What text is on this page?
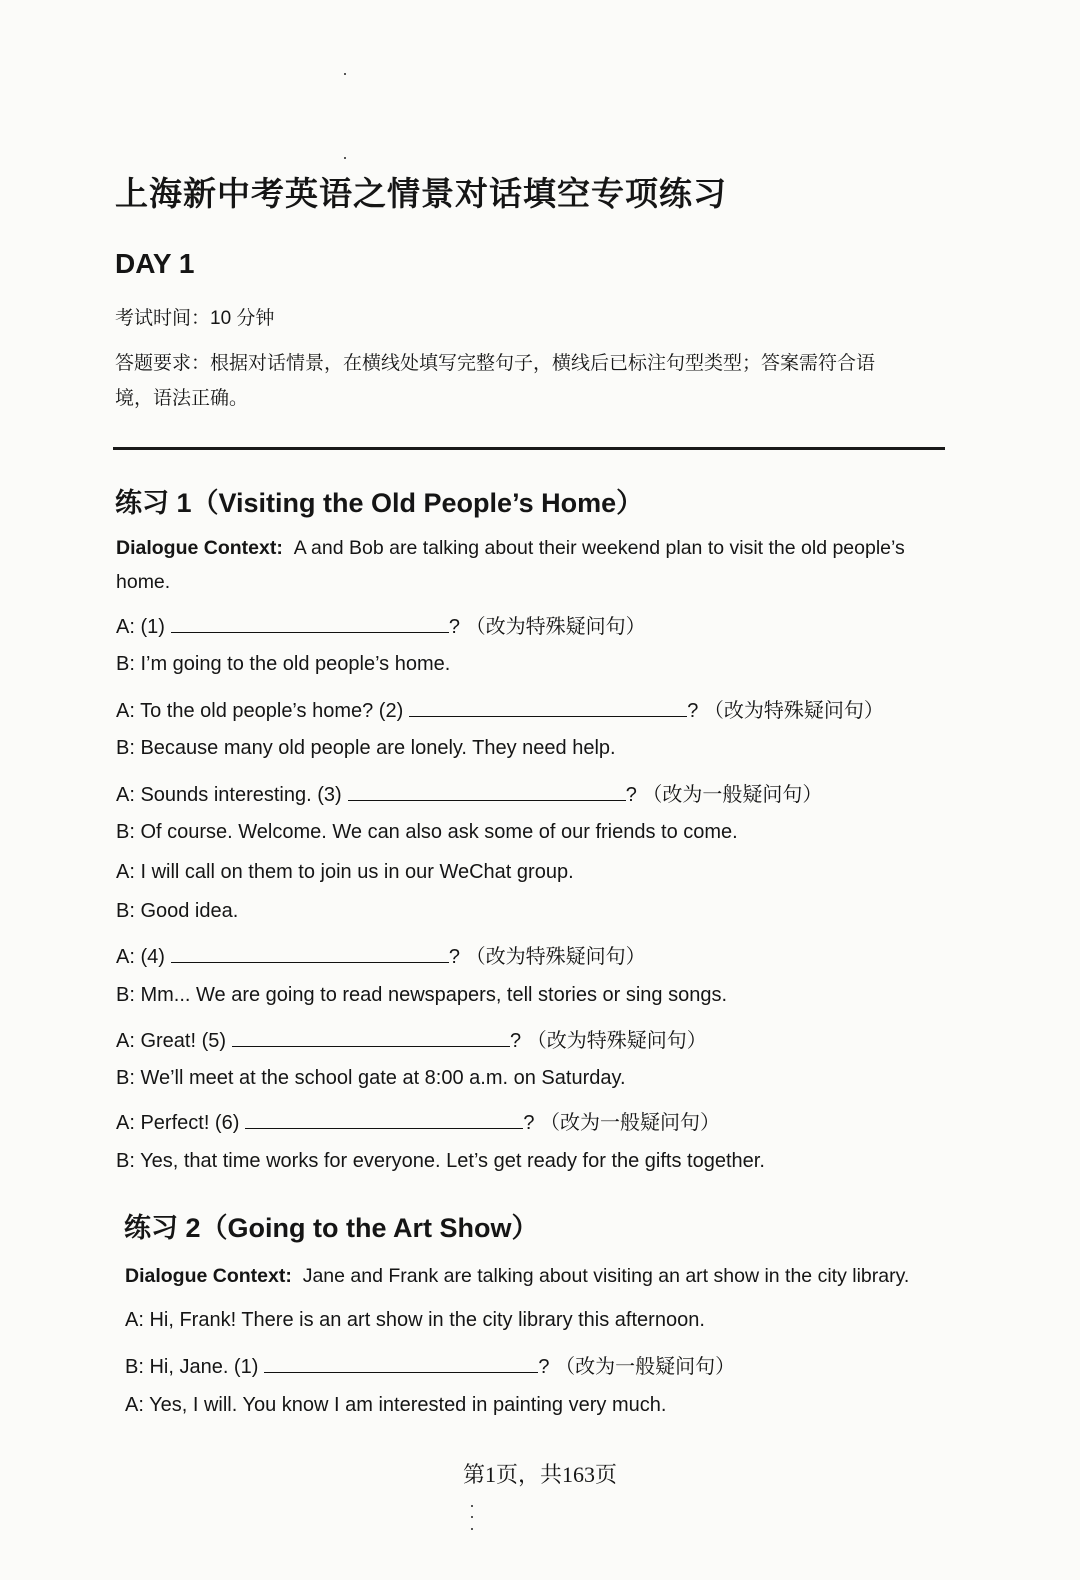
上海新中考英语之情景对话填空专项练习
DAY 1
考试时间：10 分钟
答题要求：根据对话情景，在横线处填写完整句子，横线后已标注句型类型；答案需符合语
境，语法正确。
练习 1（Visiting the Old People’s Home）
Dialogue Context: A and Bob are talking about their weekend plan to visit the old people’s
home.
A: (1)	? （改为特殊疑问句）
B: I’m going to the old people’s home.
A: To the old people’s home? (2)	? （改为特殊疑问句）
B: Because many old people are lonely. They need help.
A: Sounds interesting. (3)	? （改为一般疑问句）
B: Of course. Welcome. We can also ask some of our friends to come.
A: I will call on them to join us in our WeChat group.
B: Good idea.
A: (4)	? （改为特殊疑问句）
B: Mm... We are going to read newspapers, tell stories or sing songs.
A: Great! (5)	? （改为特殊疑问句）
B: We’ll meet at the school gate at 8:00 a.m. on Saturday.
A: Perfect! (6)	? （改为一般疑问句）
B: Yes, that time works for everyone. Let’s get ready for the gifts together.
练习 2（Going to the Art Show）
Dialogue Context: Jane and Frank are talking about visiting an art show in the city library.
A: Hi, Frank! There is an art show in the city library this afternoon.
B: Hi, Jane. (1)	? （改为一般疑问句）
A: Yes, I will. You know I am interested in painting very much.
第1页，共163页
